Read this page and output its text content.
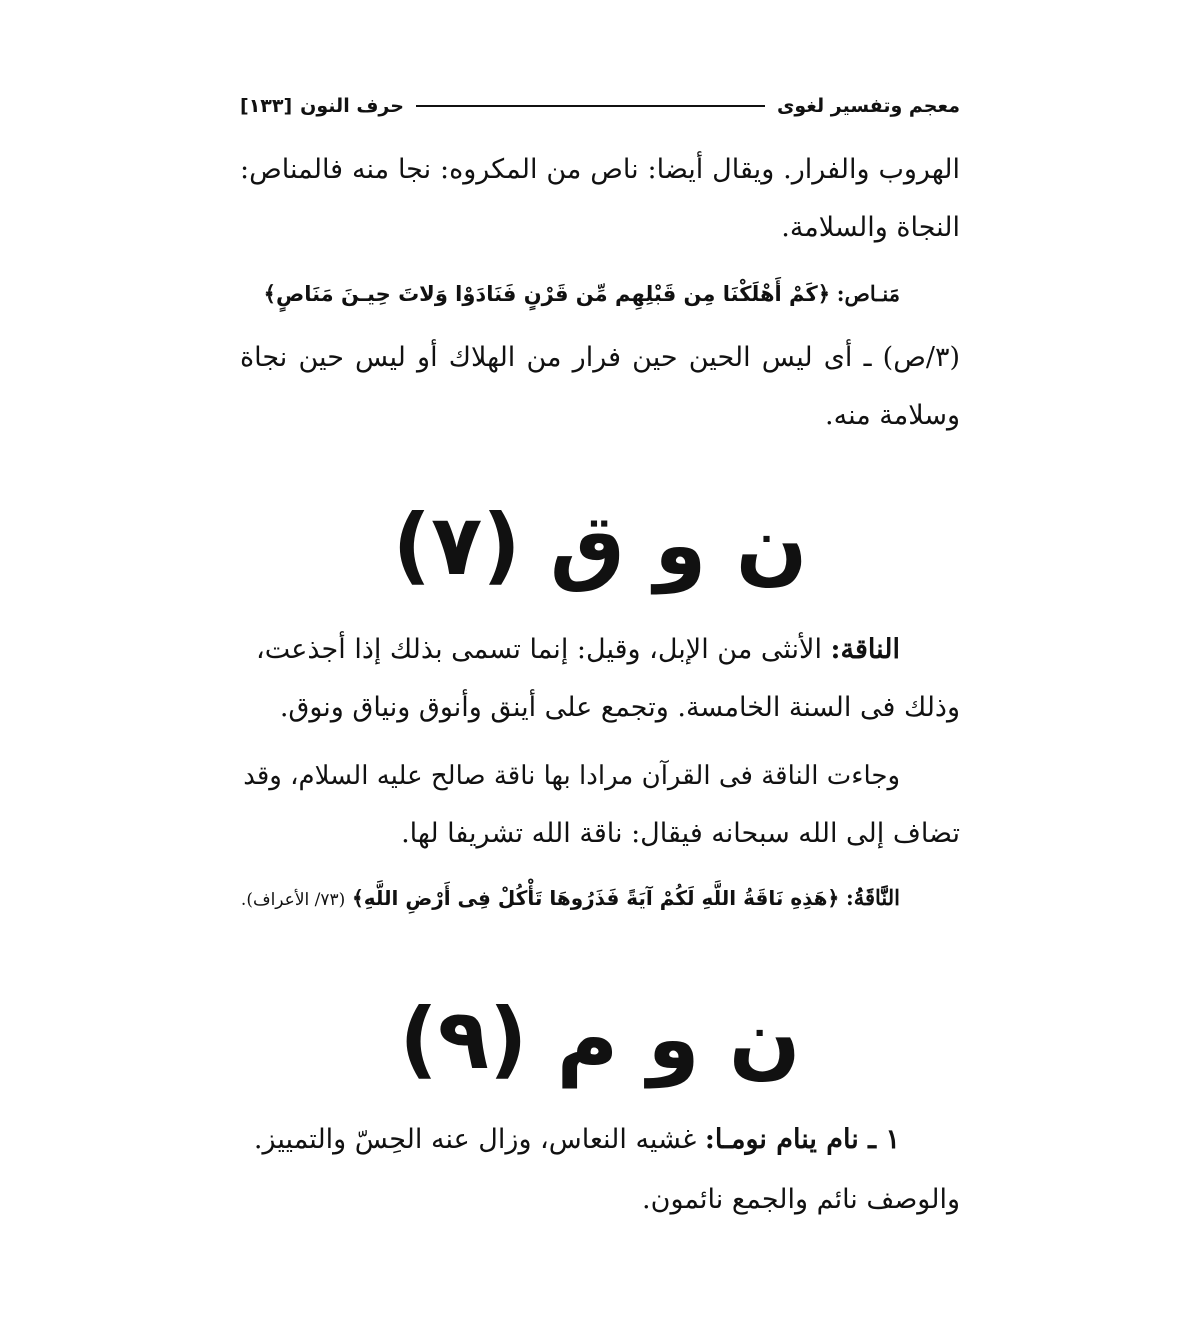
معجم وتفسير لغوى
حرف النون
[١٣٣]
الهروب والفرار. ويقال أيضا: ناص من المكروه: نجا منه فالمناص:
النجاة والسلامة.
مَنـاص: ﴿كَمْ أَهْلَكْنَا مِن قَبْلِهِم مِّن قَرْنٍ فَنَادَوْا وَلاتَ حِيـنَ مَنَاصٍ﴾
(٣/ص) ـ أى ليس الحين حين فرار من الهلاك أو ليس حين نجاة
وسلامة منه.
ن و ق (٧)
الناقة: الأنثى من الإبل، وقيل: إنما تسمى بذلك إذا أجذعت،
وذلك فى السنة الخامسة. وتجمع على أينق وأنوق ونياق ونوق.
وجاءت الناقة فى القرآن مرادا بها ناقة صالح عليه السلام، وقد
تضاف إلى الله سبحانه فيقال: ناقة الله تشريفا لها.
النَّاقَةُ: ﴿هَذِهِ نَاقَةُ اللَّهِ لَكُمْ آيَةً فَذَرُوهَا تَأْكُلْ فِى أَرْضِ اللَّهِ﴾ (٧٣/ الأعراف).
ن و م (٩)
١ ـ نام ينام نومـا: غشيه النعاس، وزال عنه الحِسّ والتمييز.
والوصف نائم والجمع نائمون.
